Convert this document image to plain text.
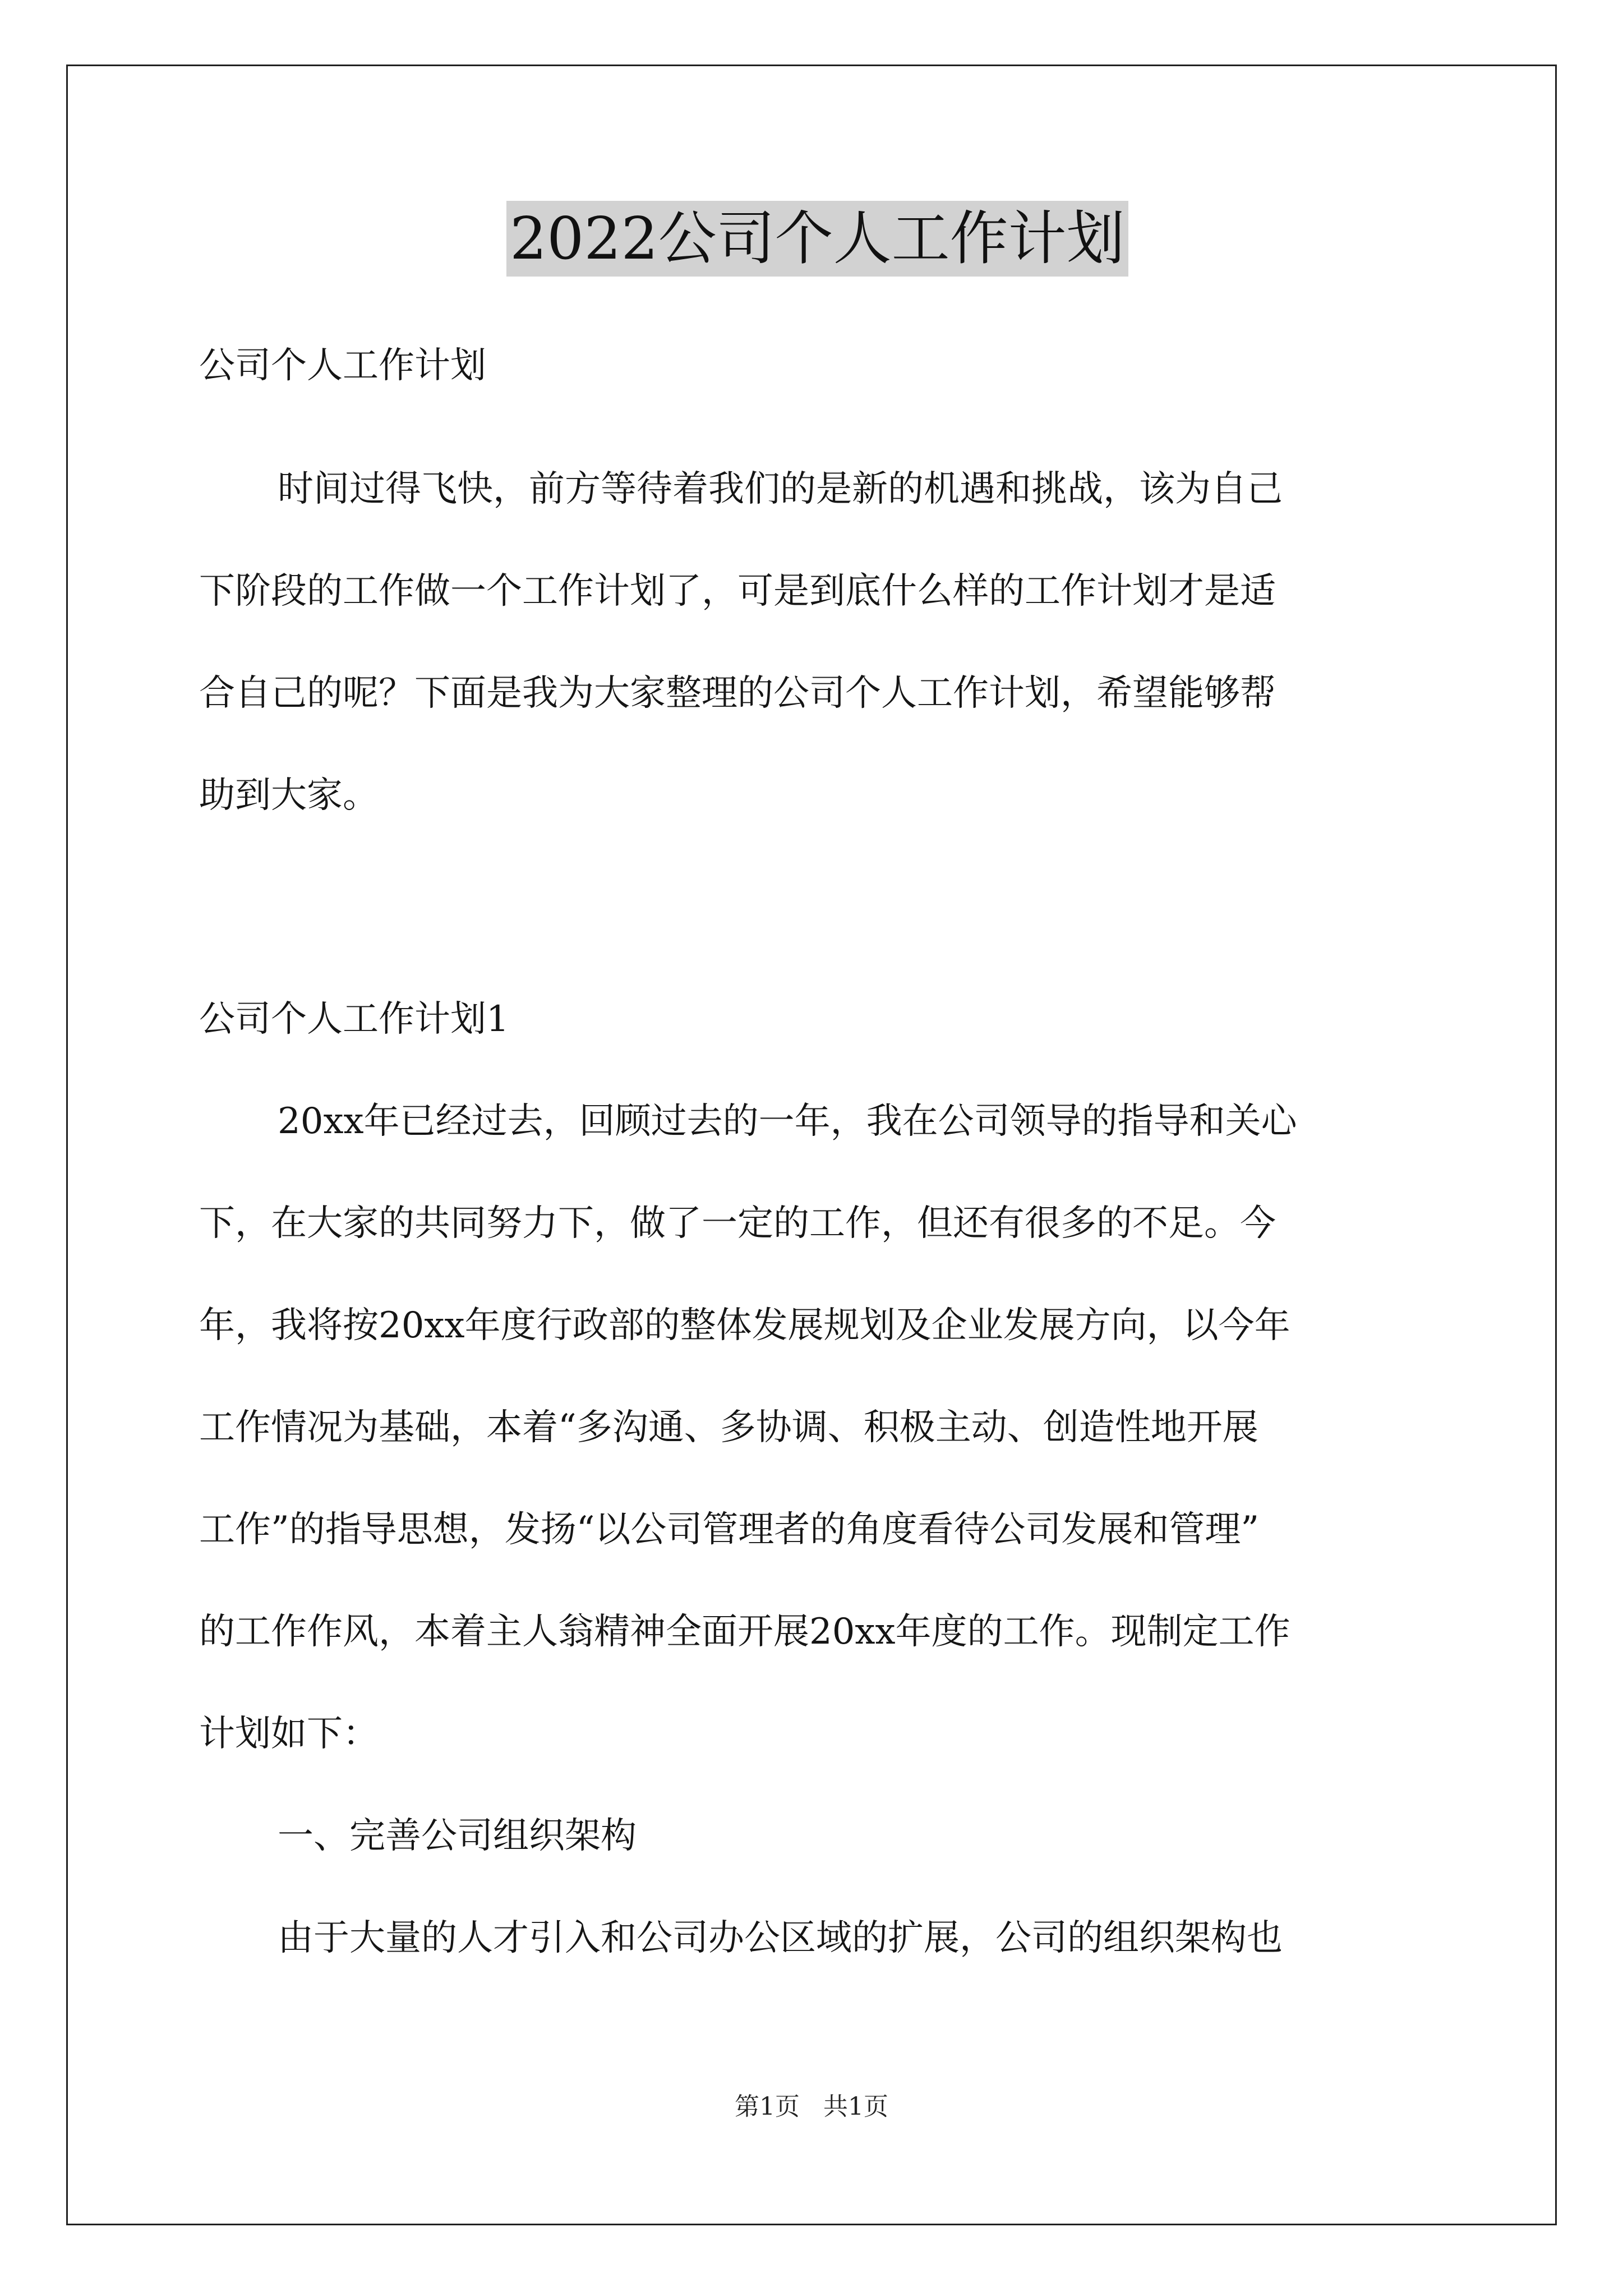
2022公司个人工作计划
公司个人工作计划
时间过得飞快，前方等待着我们的是新的机遇和挑战，该为自己
下阶段的工作做一个工作计划了，可是到底什么样的工作计划才是适
合自己的呢？下面是我为大家整理的公司个人工作计划，希望能够帮
助到大家。
公司个人工作计划1
20xx年已经过去，回顾过去的一年，我在公司领导的指导和关心
下，在大家的共同努力下，做了一定的工作，但还有很多的不足。今
年，我将按20xx年度行政部的整体发展规划及企业发展方向，以今年
工作情况为基础，本着“多沟通、多协调、积极主动、创造性地开展
工作”的指导思想，发扬“以公司管理者的角度看待公司发展和管理”
的工作作风，本着主人翁精神全面开展20xx年度的工作。现制定工作
计划如下：
一、完善公司组织架构
由于大量的人才引入和公司办公区域的扩展，公司的组织架构也
第1页   共1页
